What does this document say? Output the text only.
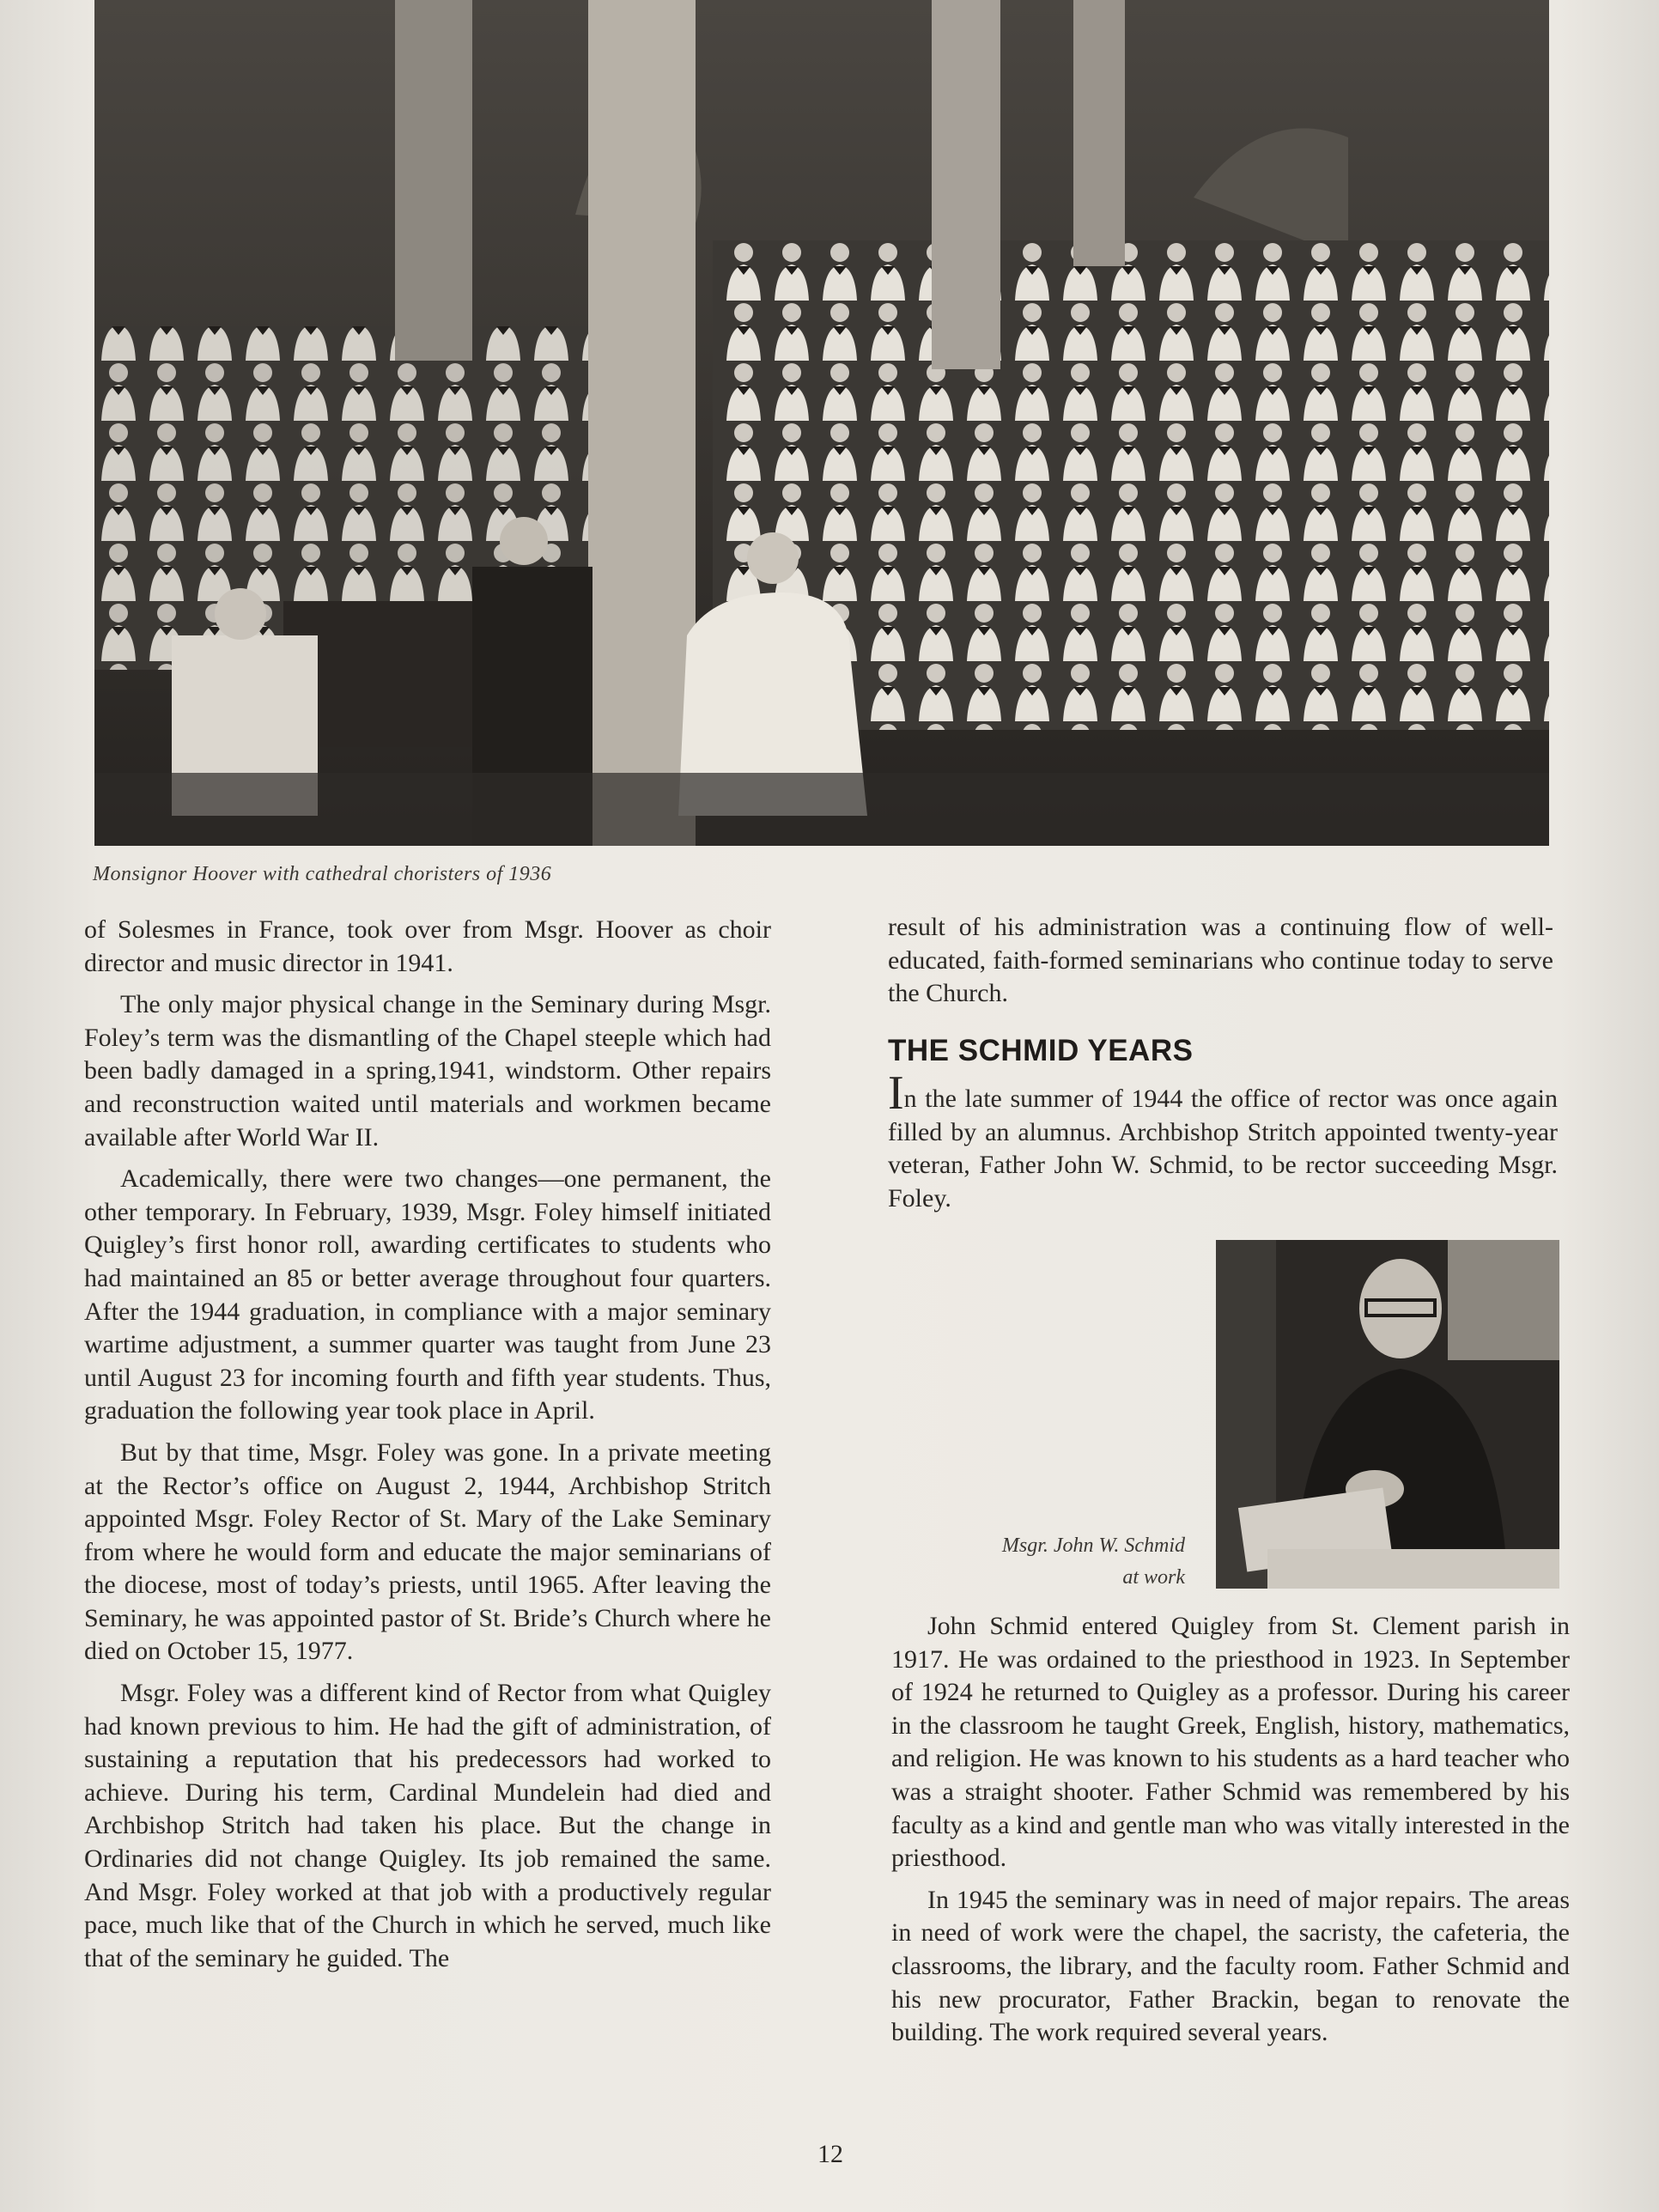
Monsignor Hoover with cathedral choristers of 1936

of Solesmes in France, took over from Msgr. Hoover as choir director and music director in 1941.

The only major physical change in the Seminary during Msgr. Foley’s term was the dismantling of the Chapel steeple which had been badly damaged in a spring,1941, windstorm. Other repairs and reconstruction waited until materials and workmen became available after World War II.

Academically, there were two changes—one permanent, the other temporary. In February, 1939, Msgr. Foley himself initiated Quigley’s first honor roll, awarding certificates to students who had maintained an 85 or better average throughout four quarters. After the 1944 graduation, in compliance with a major seminary wartime adjustment, a summer quarter was taught from June 23 until August 23 for incoming fourth and fifth year students. Thus, graduation the following year took place in April.

But by that time, Msgr. Foley was gone. In a private meeting at the Rector’s office on August 2, 1944, Archbishop Stritch appointed Msgr. Foley Rector of St. Mary of the Lake Seminary from where he would form and educate the major seminarians of the diocese, most of today’s priests, until 1965. After leaving the Seminary, he was appointed pastor of St. Bride’s Church where he died on October 15, 1977.

Msgr. Foley was a different kind of Rector from what Quigley had known previous to him. He had the gift of administration, of sustaining a reputation that his predecessors had worked to achieve. During his term, Cardinal Mundelein had died and Archbishop Stritch had taken his place. But the change in Ordinaries did not change Quigley. Its job remained the same. And Msgr. Foley worked at that job with a productively regular pace, much like that of the Church in which he served, much like that of the seminary he guided. The

result of his administration was a continuing flow of well-educated, faith-formed seminarians who continue today to serve the Church.

THE SCHMID YEARS

In the late summer of 1944 the office of rector was once again filled by an alumnus. Archbishop Stritch appointed twenty-year veteran, Father John W. Schmid, to be rector succeeding Msgr. Foley.

Msgr. John W. Schmid
at work

John Schmid entered Quigley from St. Clement parish in 1917. He was ordained to the priesthood in 1923. In September of 1924 he returned to Quigley as a professor. During his career in the classroom he taught Greek, English, history, mathematics, and religion. He was known to his students as a hard teacher who was a straight shooter. Father Schmid was remembered by his faculty as a kind and gentle man who was vitally interested in the priesthood.

In 1945 the seminary was in need of major repairs. The areas in need of work were the chapel, the sacristy, the cafeteria, the classrooms, the library, and the faculty room. Father Schmid and his new procurator, Father Brackin, began to renovate the building. The work required several years.

12
